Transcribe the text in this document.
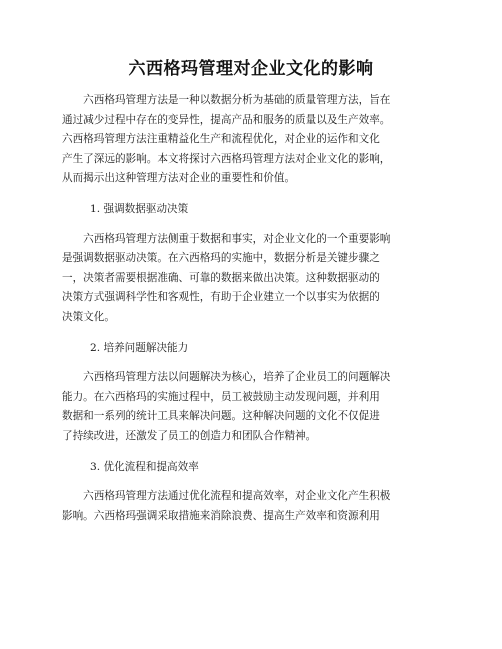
六西格玛管理对企业文化的影响

　　六西格玛管理方法是一种以数据分析为基础的质量管理方法，旨在
通过减少过程中存在的变异性，提高产品和服务的质量以及生产效率。
六西格玛管理方法注重精益化生产和流程优化，对企业的运作和文化
产生了深远的影响。本文将探讨六西格玛管理方法对企业文化的影响，
从而揭示出这种管理方法对企业的重要性和价值。

1. 强调数据驱动决策

　　六西格玛管理方法侧重于数据和事实，对企业文化的一个重要影响
是强调数据驱动决策。在六西格玛的实施中，数据分析是关键步骤之
一，决策者需要根据准确、可靠的数据来做出决策。这种数据驱动的
决策方式强调科学性和客观性，有助于企业建立一个以事实为依据的
决策文化。

2. 培养问题解决能力

　　六西格玛管理方法以问题解决为核心，培养了企业员工的问题解决
能力。在六西格玛的实施过程中，员工被鼓励主动发现问题，并利用
数据和一系列的统计工具来解决问题。这种解决问题的文化不仅促进
了持续改进，还激发了员工的创造力和团队合作精神。

3. 优化流程和提高效率

　　六西格玛管理方法通过优化流程和提高效率，对企业文化产生积极
影响。六西格玛强调采取措施来消除浪费、提高生产效率和资源利用
